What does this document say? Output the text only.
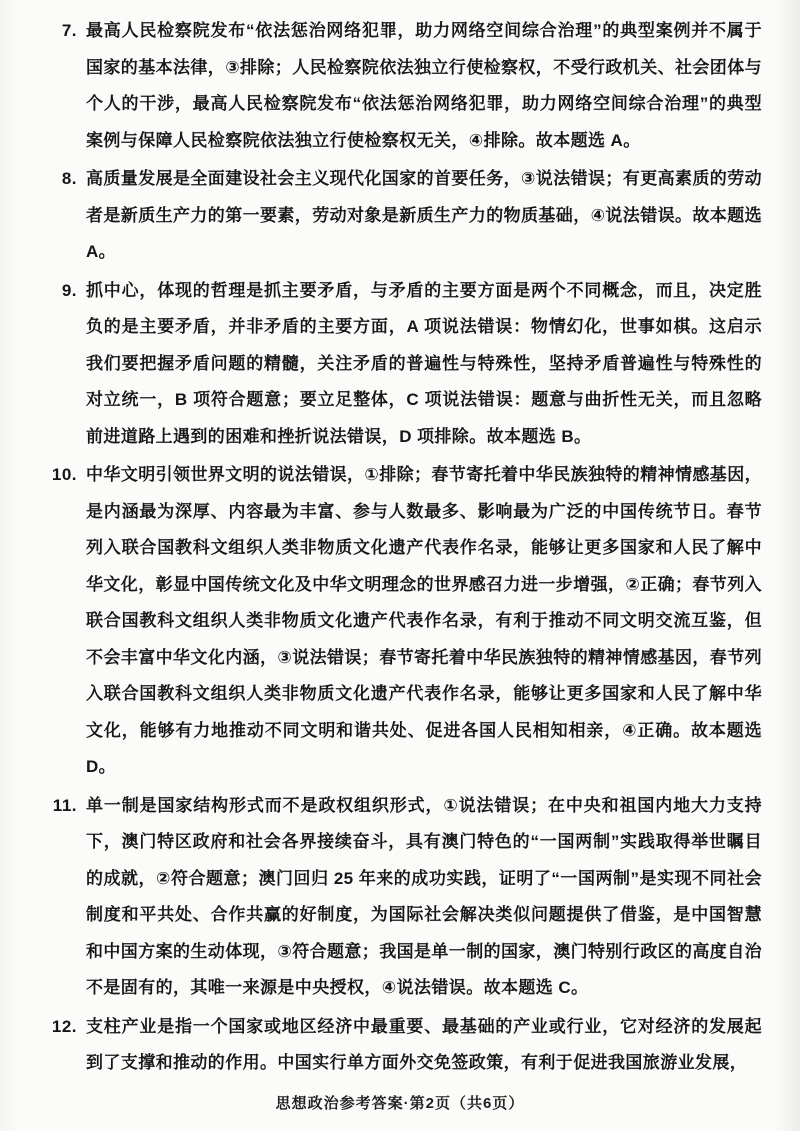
7. 最高人民检察院发布“依法惩治网络犯罪，助力网络空间综合治理”的典型案例并不属于国家的基本法律，③排除；人民检察院依法独立行使检察权，不受行政机关、社会团体与个人的干涉，最高人民检察院发布“依法惩治网络犯罪，助力网络空间综合治理”的典型案例与保障人民检察院依法独立行使检察权无关，④排除。故本题选 A。
8. 高质量发展是全面建设社会主义现代化国家的首要任务，③说法错误；有更高素质的劳动者是新质生产力的第一要素，劳动对象是新质生产力的物质基础，④说法错误。故本题选 A。
9. 抓中心，体现的哲理是抓主要矛盾，与矛盾的主要方面是两个不同概念，而且，决定胜负的是主要矛盾，并非矛盾的主要方面，A 项说法错误：物情幻化，世事如棋。这启示我们要把握矛盾问题的精髓，关注矛盾的普遍性与特殊性，坚持矛盾普遍性与特殊性的对立统一，B 项符合题意；要立足整体，C 项说法错误：题意与曲折性无关，而且忽略前进道路上遇到的困难和挫折说法错误，D 项排除。故本题选 B。
10. 中华文明引领世界文明的说法错误，①排除；春节寄托着中华民族独特的精神情感基因，是内涵最为深厚、内容最为丰富、参与人数最多、影响最为广泛的中国传统节日。春节列入联合国教科文组织人类非物质文化遗产代表作名录，能够让更多国家和人民了解中华文化，彰显中国传统文化及中华文明理念的世界感召力进一步增强，②正确；春节列入联合国教科文组织人类非物质文化遗产代表作名录，有利于推动不同文明交流互鉴，但不会丰富中华文化内涵，③说法错误；春节寄托着中华民族独特的精神情感基因，春节列入联合国教科文组织人类非物质文化遗产代表作名录，能够让更多国家和人民了解中华文化，能够有力地推动不同文明和谐共处、促进各国人民相知相亲，④正确。故本题选 D。
11. 单一制是国家结构形式而不是政权组织形式，①说法错误；在中央和祖国内地大力支持下，澳门特区政府和社会各界接续奋斗，具有澳门特色的“一国两制”实践取得举世瞩目的成就，②符合题意；澳门回归 25 年来的成功实践，证明了“一国两制”是实现不同社会制度和平共处、合作共赢的好制度，为国际社会解决类似问题提供了借鉴，是中国智慧和中国方案的生动体现，③符合题意；我国是单一制的国家，澳门特别行政区的高度自治不是固有的，其唯一来源是中央授权，④说法错误。故本题选 C。
12. 支柱产业是指一个国家或地区经济中最重要、最基础的产业或行业，它对经济的发展起到了支撑和推动的作用。中国实行单方面外交免签政策，有利于促进我国旅游业发展，
思想政治参考答案·第2页（共6页）
